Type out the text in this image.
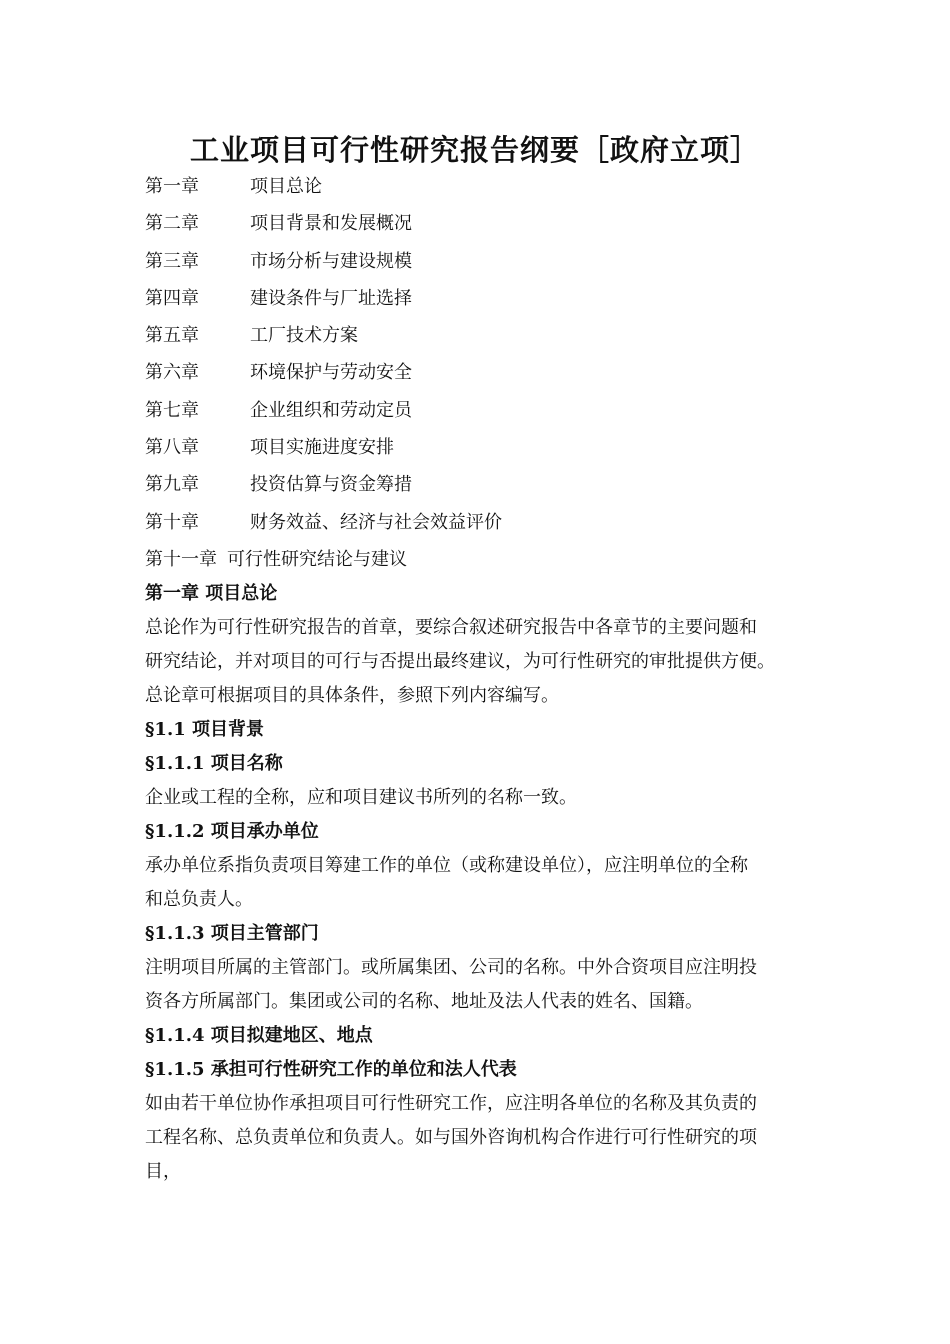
工业项目可行性研究报告纲要［政府立项］
第一章	项目总论
第二章	项目背景和发展概况
第三章	市场分析与建设规模
第四章	建设条件与厂址选择
第五章	工厂技术方案
第六章	环境保护与劳动安全
第七章	企业组织和劳动定员
第八章	项目实施进度安排
第九章	投资估算与资金筹措
第十章	财务效益、经济与社会效益评价
第十一章 可行性研究结论与建议
第一章 项目总论
总论作为可行性研究报告的首章，要综合叙述研究报告中各章节的主要问题和
研究结论，并对项目的可行与否提出最终建议，为可行性研究的审批提供方便。
总论章可根据项目的具体条件，参照下列内容编写。
§1.1 项目背景
§1.1.1 项目名称
企业或工程的全称，应和项目建议书所列的名称一致。
§1.1.2 项目承办单位
承办单位系指负责项目筹建工作的单位（或称建设单位），应注明单位的全称
和总负责人。
§1.1.3 项目主管部门
注明项目所属的主管部门。或所属集团、公司的名称。中外合资项目应注明投
资各方所属部门。集团或公司的名称、地址及法人代表的姓名、国籍。
§1.1.4 项目拟建地区、地点
§1.1.5 承担可行性研究工作的单位和法人代表
如由若干单位协作承担项目可行性研究工作，应注明各单位的名称及其负责的
工程名称、总负责单位和负责人。如与国外咨询机构合作进行可行性研究的项
目，
